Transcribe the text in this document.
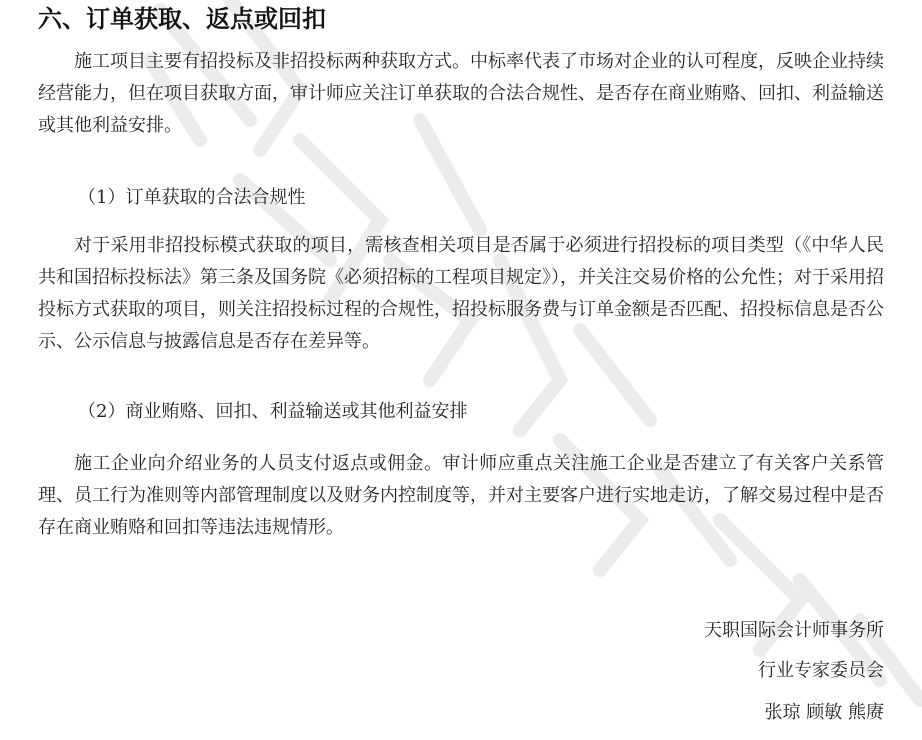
六、订单获取、返点或回扣

施工项目主要有招投标及非招投标两种获取方式。中标率代表了市场对企业的认可程度，反映企业持续经营能力，但在项目获取方面，审计师应关注订单获取的合法合规性、是否存在商业贿赂、回扣、利益输送或其他利益安排。

（1）订单获取的合法合规性

对于采用非招投标模式获取的项目，需核查相关项目是否属于必须进行招投标的项目类型（《中华人民共和国招标投标法》第三条及国务院《必须招标的工程项目规定》），并关注交易价格的公允性；对于采用招投标方式获取的项目，则关注招投标过程的合规性，招投标服务费与订单金额是否匹配、招投标信息是否公示、公示信息与披露信息是否存在差异等。

（2）商业贿赂、回扣、利益输送或其他利益安排

施工企业向介绍业务的人员支付返点或佣金。审计师应重点关注施工企业是否建立了有关客户关系管理、员工行为准则等内部管理制度以及财务内控制度等，并对主要客户进行实地走访，了解交易过程中是否存在商业贿赂和回扣等违法违规情形。

天职国际会计师事务所
行业专家委员会
张琼 顾敏 熊赓
